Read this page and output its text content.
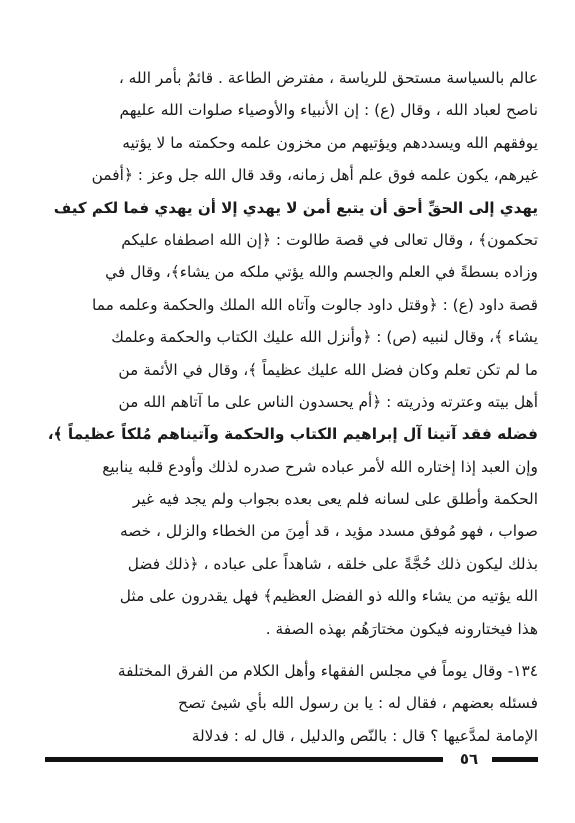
عالم بالسياسة مستحق للرياسة ، مفترض الطاعة . قائمٌ بأمر الله ،
ناصح لعباد الله ، وقال (ع) : إن الأنبياء والأوصياء صلوات الله عليهم
يوفقهم الله ويسددهم ويؤتيهم من مخزون علمه وحكمته ما لا يؤتيه
غيرهم، يكون علمه فوق علم أهل زمانه، وقد قال الله جل وعز : ﴿أفمن
يهدي إلى الحقِّ أحق أن يتبع أمن لا يهدي إلا أن يهدي فما لكم كيف
تحكمون﴾ ، وقال تعالى في قصة طالوت : ﴿إن الله اصطفاه عليكم
وزاده بسطةً في العلم والجسم والله يؤتي ملكه من يشاء﴾، وقال في
قصة داود (ع) : ﴿وقتل داود جالوت وآتاه الله الملك والحكمة وعلمه مما
يشاء ﴾، وقال لنبيه (ص) : ﴿وأنزل الله عليك الكتاب والحكمة وعلمك
ما لم تكن تعلم وكان فضل الله عليك عظيماً ﴾، وقال في الأئمة من
أهل بيته وعترته وذريته : ﴿أم يحسدون الناس على ما آتاهم الله من
فضله فقد آتينا آل إبراهيم الكتاب والحكمة وآتيناهم مُلكاً عظيماً ﴾،
وإن العبد إذا إختاره الله لأمر عباده شرح صدره لذلك وأودع قلبه ينابيع
الحكمة وأطلق على لسانه فلم يعى بعده بجواب ولم يجد فيه غير
صواب ، فهو مُوفق مسدد مؤيد ، قد أمِنَ من الخطاء والزلل ، خصه
بذلك ليكون ذلك حُجَّةً على خلقه ، شاهداً على عباده ، ﴿ذلك فضل
الله يؤتيه من يشاء والله ذو الفضل العظيم﴾ فهل يقدرون على مثل
هذا فيختارونه فيكون مختارَهُم بهذه الصفة .
١٣٤- وقال يوماً في مجلس الفقهاء وأهل الكلام من الفرق المختلفة
فسئله بعضهم ، فقال له : يا بن رسول الله بأي شيئ تصح
الإمامة لمدَّعيها ؟ قال : بالنّص والدليل ، قال له : فدلالة
٥٦
